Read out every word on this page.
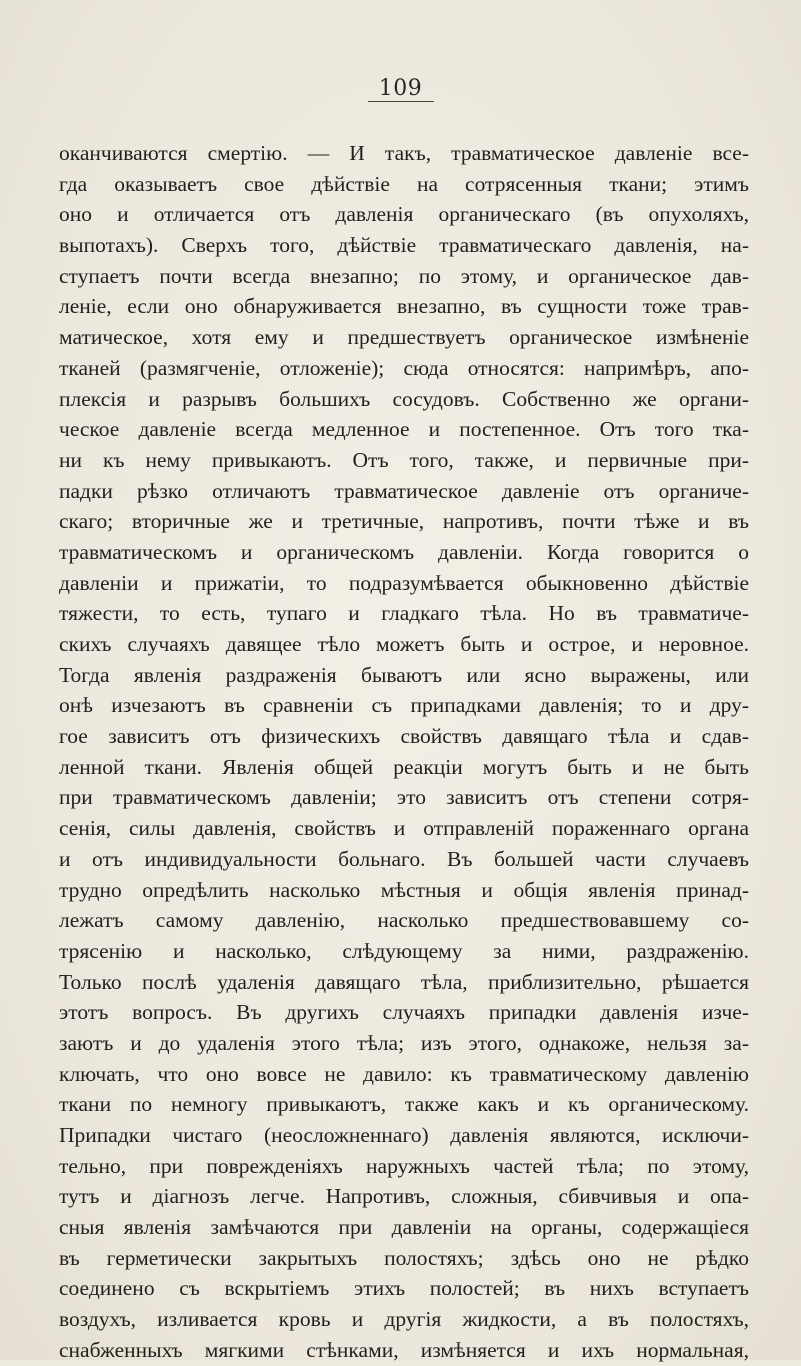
109
оканчиваются смертію. — И такъ, травматическое давленіе все-
гда оказываетъ свое дѣйствіе на сотрясенныя ткани; этимъ
оно и отличается отъ давленія органическаго (въ опухоляхъ,
выпотахъ). Сверхъ того, дѣйствіе травматическаго давленія, на-
ступаетъ почти всегда внезапно; по этому, и органическое дав-
леніе, если оно обнаруживается внезапно, въ сущности тоже трав-
матическое, хотя ему и предшествуетъ органическое измѣненіе
тканей (размягченіе, отложеніе); сюда относятся: напримѣръ, апо-
плексія и разрывъ большихъ сосудовъ. Собственно же органи-
ческое давленіе всегда медленное и постепенное. Отъ того тка-
ни къ нему привыкаютъ. Отъ того, также, и первичные при-
падки рѣзко отличаютъ травматическое давленіе отъ органиче-
скаго; вторичные же и третичные, напротивъ, почти тѣже и въ
травматическомъ и органическомъ давленіи. Когда говорится о
давленіи и прижатіи, то подразумѣвается обыкновенно дѣйствіе
тяжести, то есть, тупаго и гладкаго тѣла. Но въ травматиче-
скихъ случаяхъ давящее тѣло можетъ быть и острое, и неровное.
Тогда явленія раздраженія бываютъ или ясно выражены, или
онѣ изчезаютъ въ сравненіи съ припадками давленія; то и дру-
гое зависитъ отъ физическихъ свойствъ давящаго тѣла и сдав-
ленной ткани. Явленія общей реакціи могутъ быть и не быть
при травматическомъ давленіи; это зависитъ отъ степени сотря-
сенія, силы давленія, свойствъ и отправленій пораженнаго органа
и отъ индивидуальности больнаго. Въ большей части случаевъ
трудно опредѣлить насколько мѣстныя и общія явленія принад-
лежатъ самому давленію, насколько предшествовавшему со-
трясенію и насколько, слѣдующему за ними, раздраженію.
Только послѣ удаленія давящаго тѣла, приблизительно, рѣшается
этотъ вопросъ. Въ другихъ случаяхъ припадки давленія изче-
заютъ и до удаленія этого тѣла; изъ этого, однакоже, нельзя за-
ключать, что оно вовсе не давило: къ травматическому давленію
ткани по немногу привыкаютъ, также какъ и къ органическому.
Припадки чистаго (неосложненнаго) давленія являются, исключи-
тельно, при поврежденіяхъ наружныхъ частей тѣла; по этому,
тутъ и діагнозъ легче. Напротивъ, сложныя, сбивчивыя и опа-
сныя явленія замѣчаются при давленіи на органы, содержащіеся
въ герметически закрытыхъ полостяхъ; здѣсь оно не рѣдко
соединено съ вскрытіемъ этихъ полостей; въ нихъ вступаетъ
воздухъ, изливается кровь и другія жидкости, а въ полостяхъ,
снабженныхъ мягкими стѣнками, измѣняется и ихъ нормальная,
